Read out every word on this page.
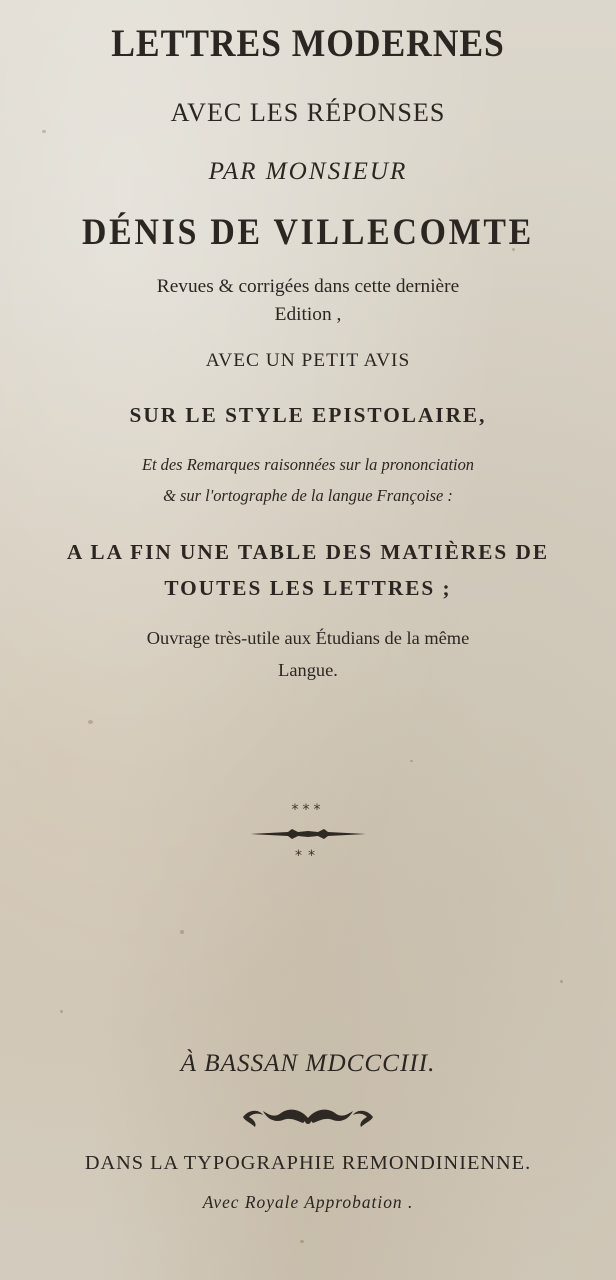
LETTRES MODERNES
AVEC LES RÉPONSES
PAR MONSIEUR
DÉNIS DE VILLECOMTE
Revues & corrigées dans cette dernière
Edition ,
AVEC UN PETIT AVIS
SUR LE STYLE EPISTOLAIRE,
Et des Remarques raisonnées sur la prononciation
& sur l'ortographe de la langue Françoise :
A LA FIN UNE TABLE DES MATIÈRES DE
TOUTES LES LETTRES ;
Ouvrage très-utile aux Étudians de la même
Langue.
***
**
À BASSAN MDCCCIII.
DANS LA TYPOGRAPHIE REMONDINIENNE.
Avec Royale Approbation .
